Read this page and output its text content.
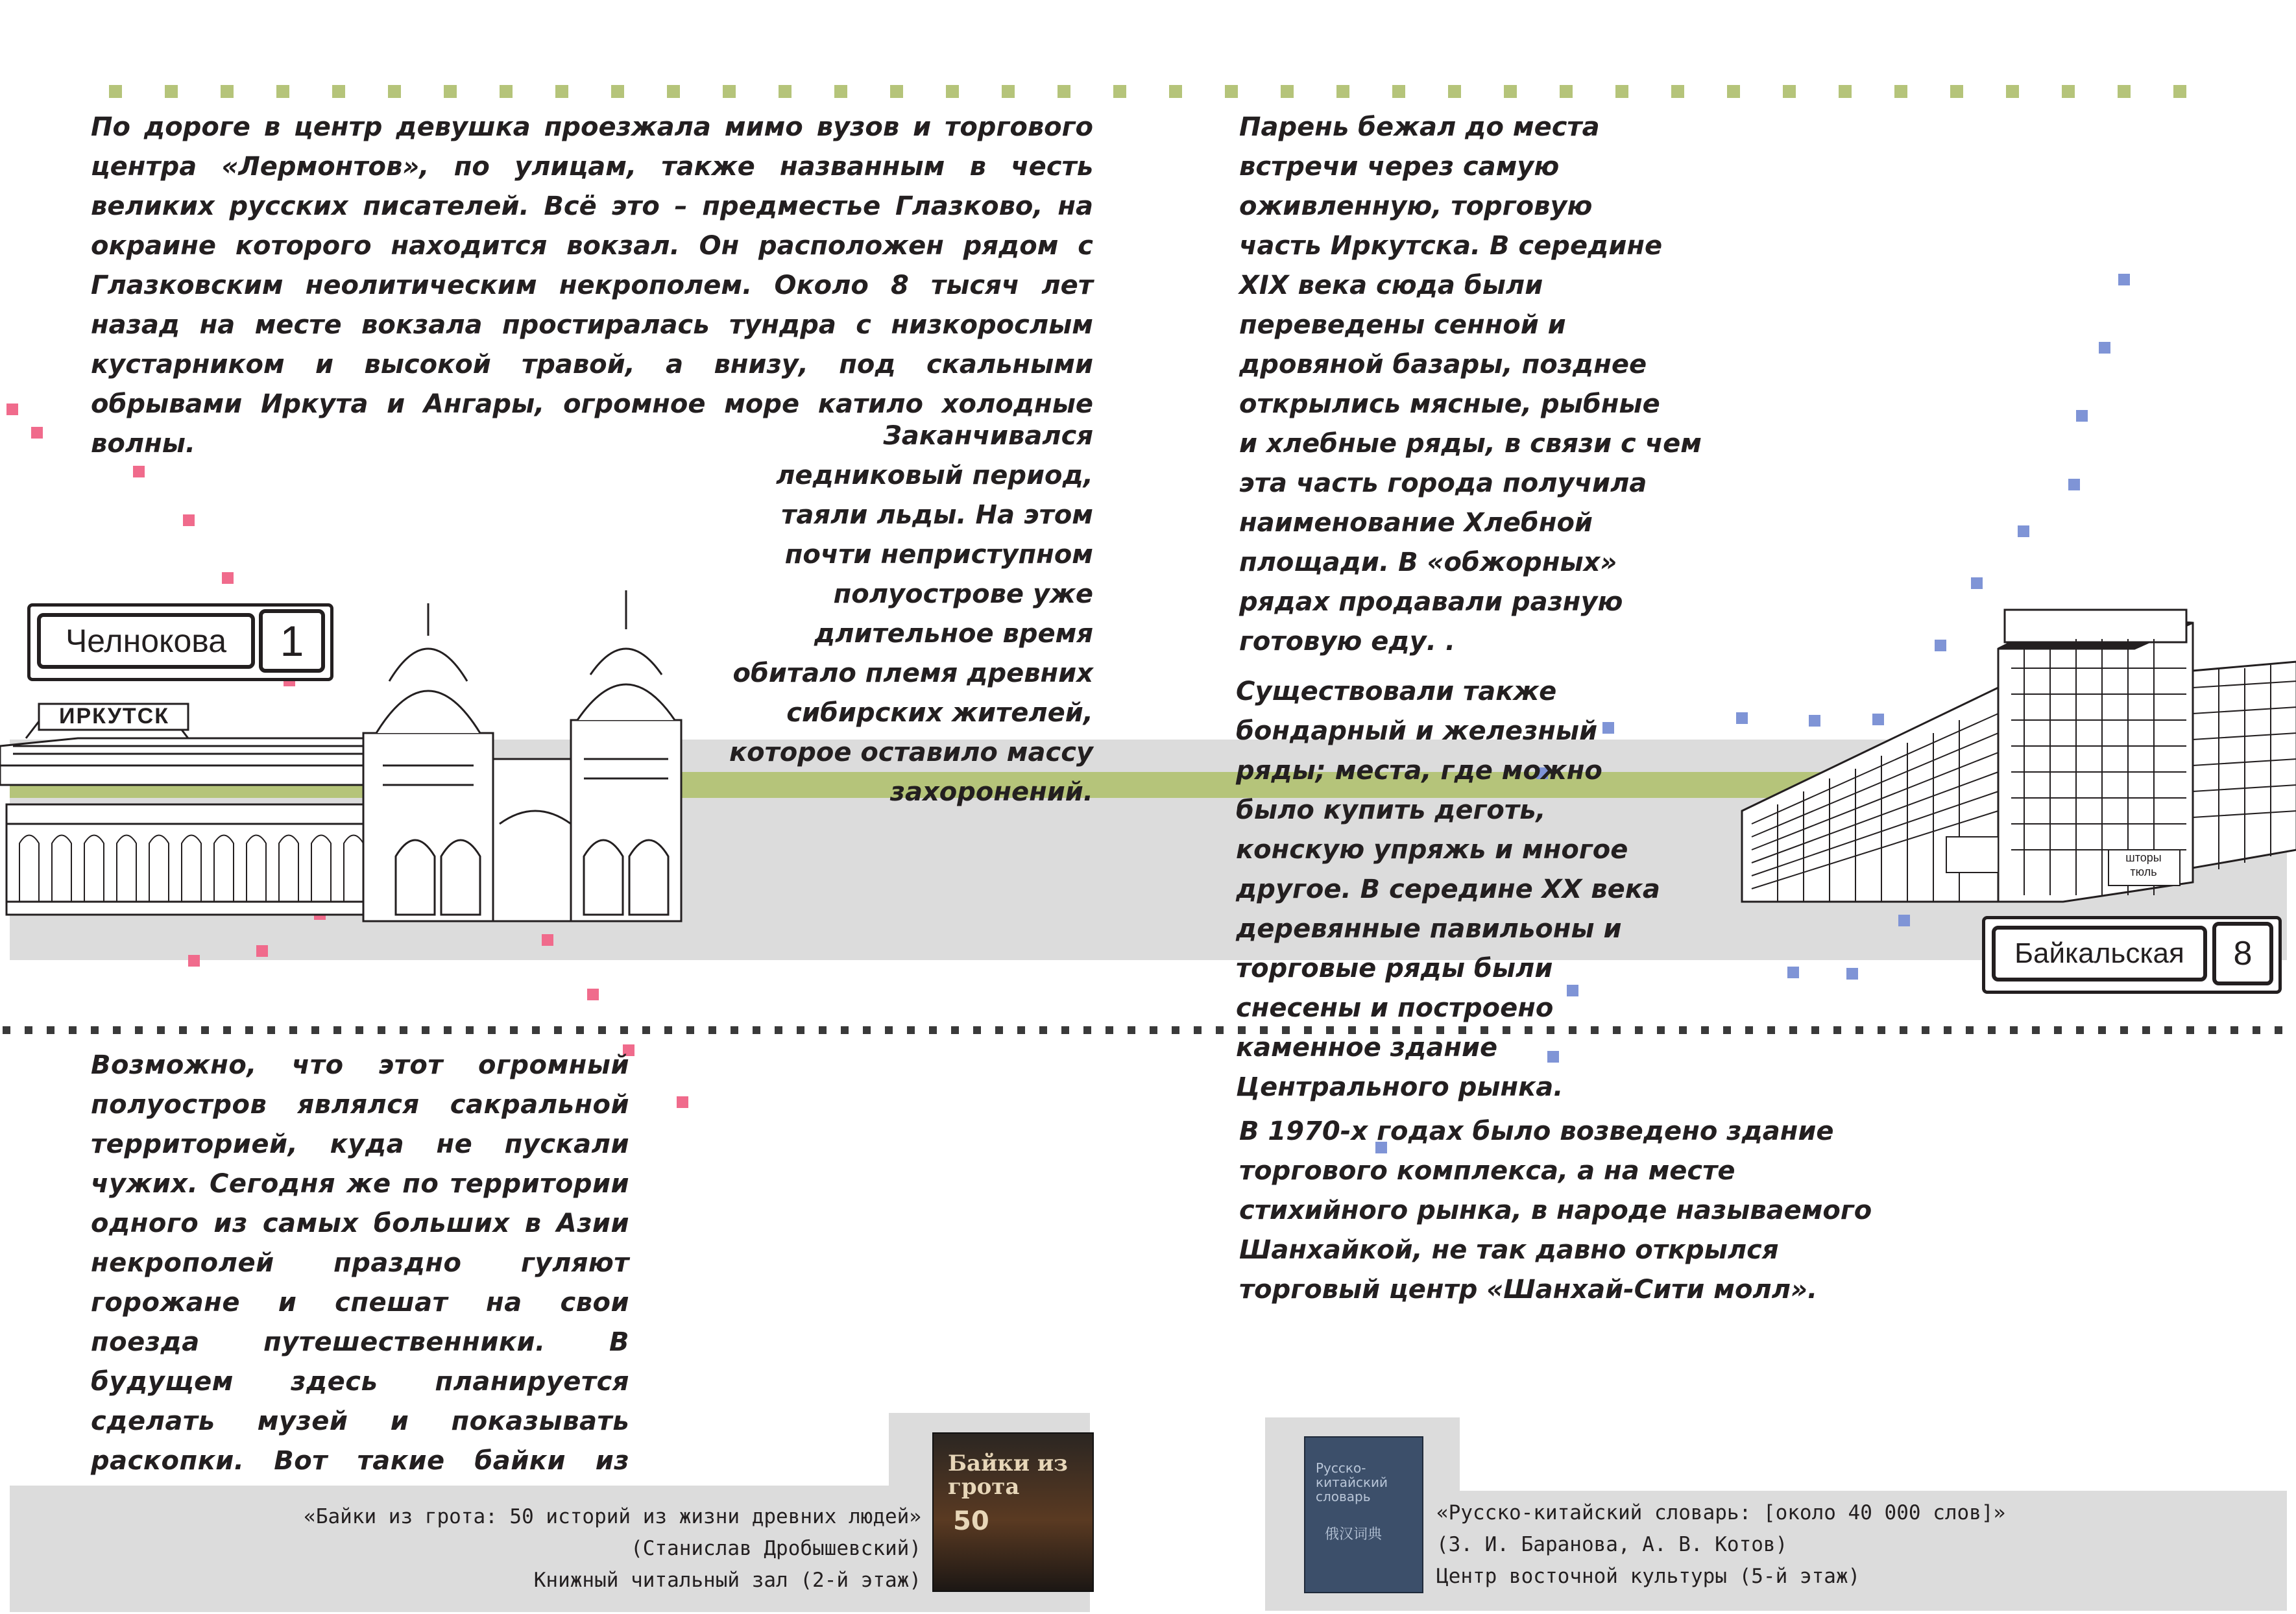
По дороге в центр девушка проезжала мимо вузов и торгового центра «Лермонтов», по улицам, также названным в честь великих русских писателей. Всё это – предместье Глазково, на окраине которого находится вокзал. Он расположен рядом с Глазковским неолитическим некрополем. Около 8 тысяч лет назад на месте вокзала простиралась тундра с низкорослым кустарником и высокой травой, а внизу, под скальными обрывами Иркута и Ангары, огромное море катило холодные волны.	Заканчивался
ледниковый период,
таяли льды. На этом
почти неприступном
полуострове уже
длительное время
обитало племя древних
сибирских жителей,
которое оставило массу
захоронений.
ИРКУТСК
Челнокова 1

Возможно, что этот огромный полуостров являлся сакральной территорией, куда не пускали чужих. Сегодня же по территории одного из самых больших в Азии некрополей праздно гуляют горожане и спешат на свои поезда путешественники. В будущем здесь планируется сделать музей и показывать раскопки. Вот такие байки из	Байки из грота
50
«Байки из грота: 50 историй из жизни древних людей»
(Станислав Дробышевский)
Книжный читальный зал (2-й этаж)
Парень бежал до места
встречи через самую
оживленную, торговую
часть Иркутска. В середине
XIX века сюда были
переведены сенной и
дровяной базары, позднее
открылись мясные, рыбные
и хлебные ряды, в связи с чем
эта часть города получила
наименование Хлебной
площади. В «обжорных»
рядах продавали разную
готовую еду. .
Существовали также
бондарный и железный
ряды; места, где можно
было купить деготь,
конскую упряжь и многое
другое. В середине XX века
деревянные павильоны и
торговые ряды были
снесены и построено
каменное здание
Центрального рынка.
В 1970-х годах было возведено здание
торгового комплекса, а на месте
стихийного рынка, в народе называемого
Шанхайкой, не так давно открылся
торговый центр «Шанхай-Сити молл».
шторы
тюль
Байкальская 8
Русско-китайский словарь
俄汉词典
«Русско-китайский словарь: [около 40 000 слов]»
(З. И. Баранова, А. В. Котов)
Центр восточной культуры (5-й этаж)
